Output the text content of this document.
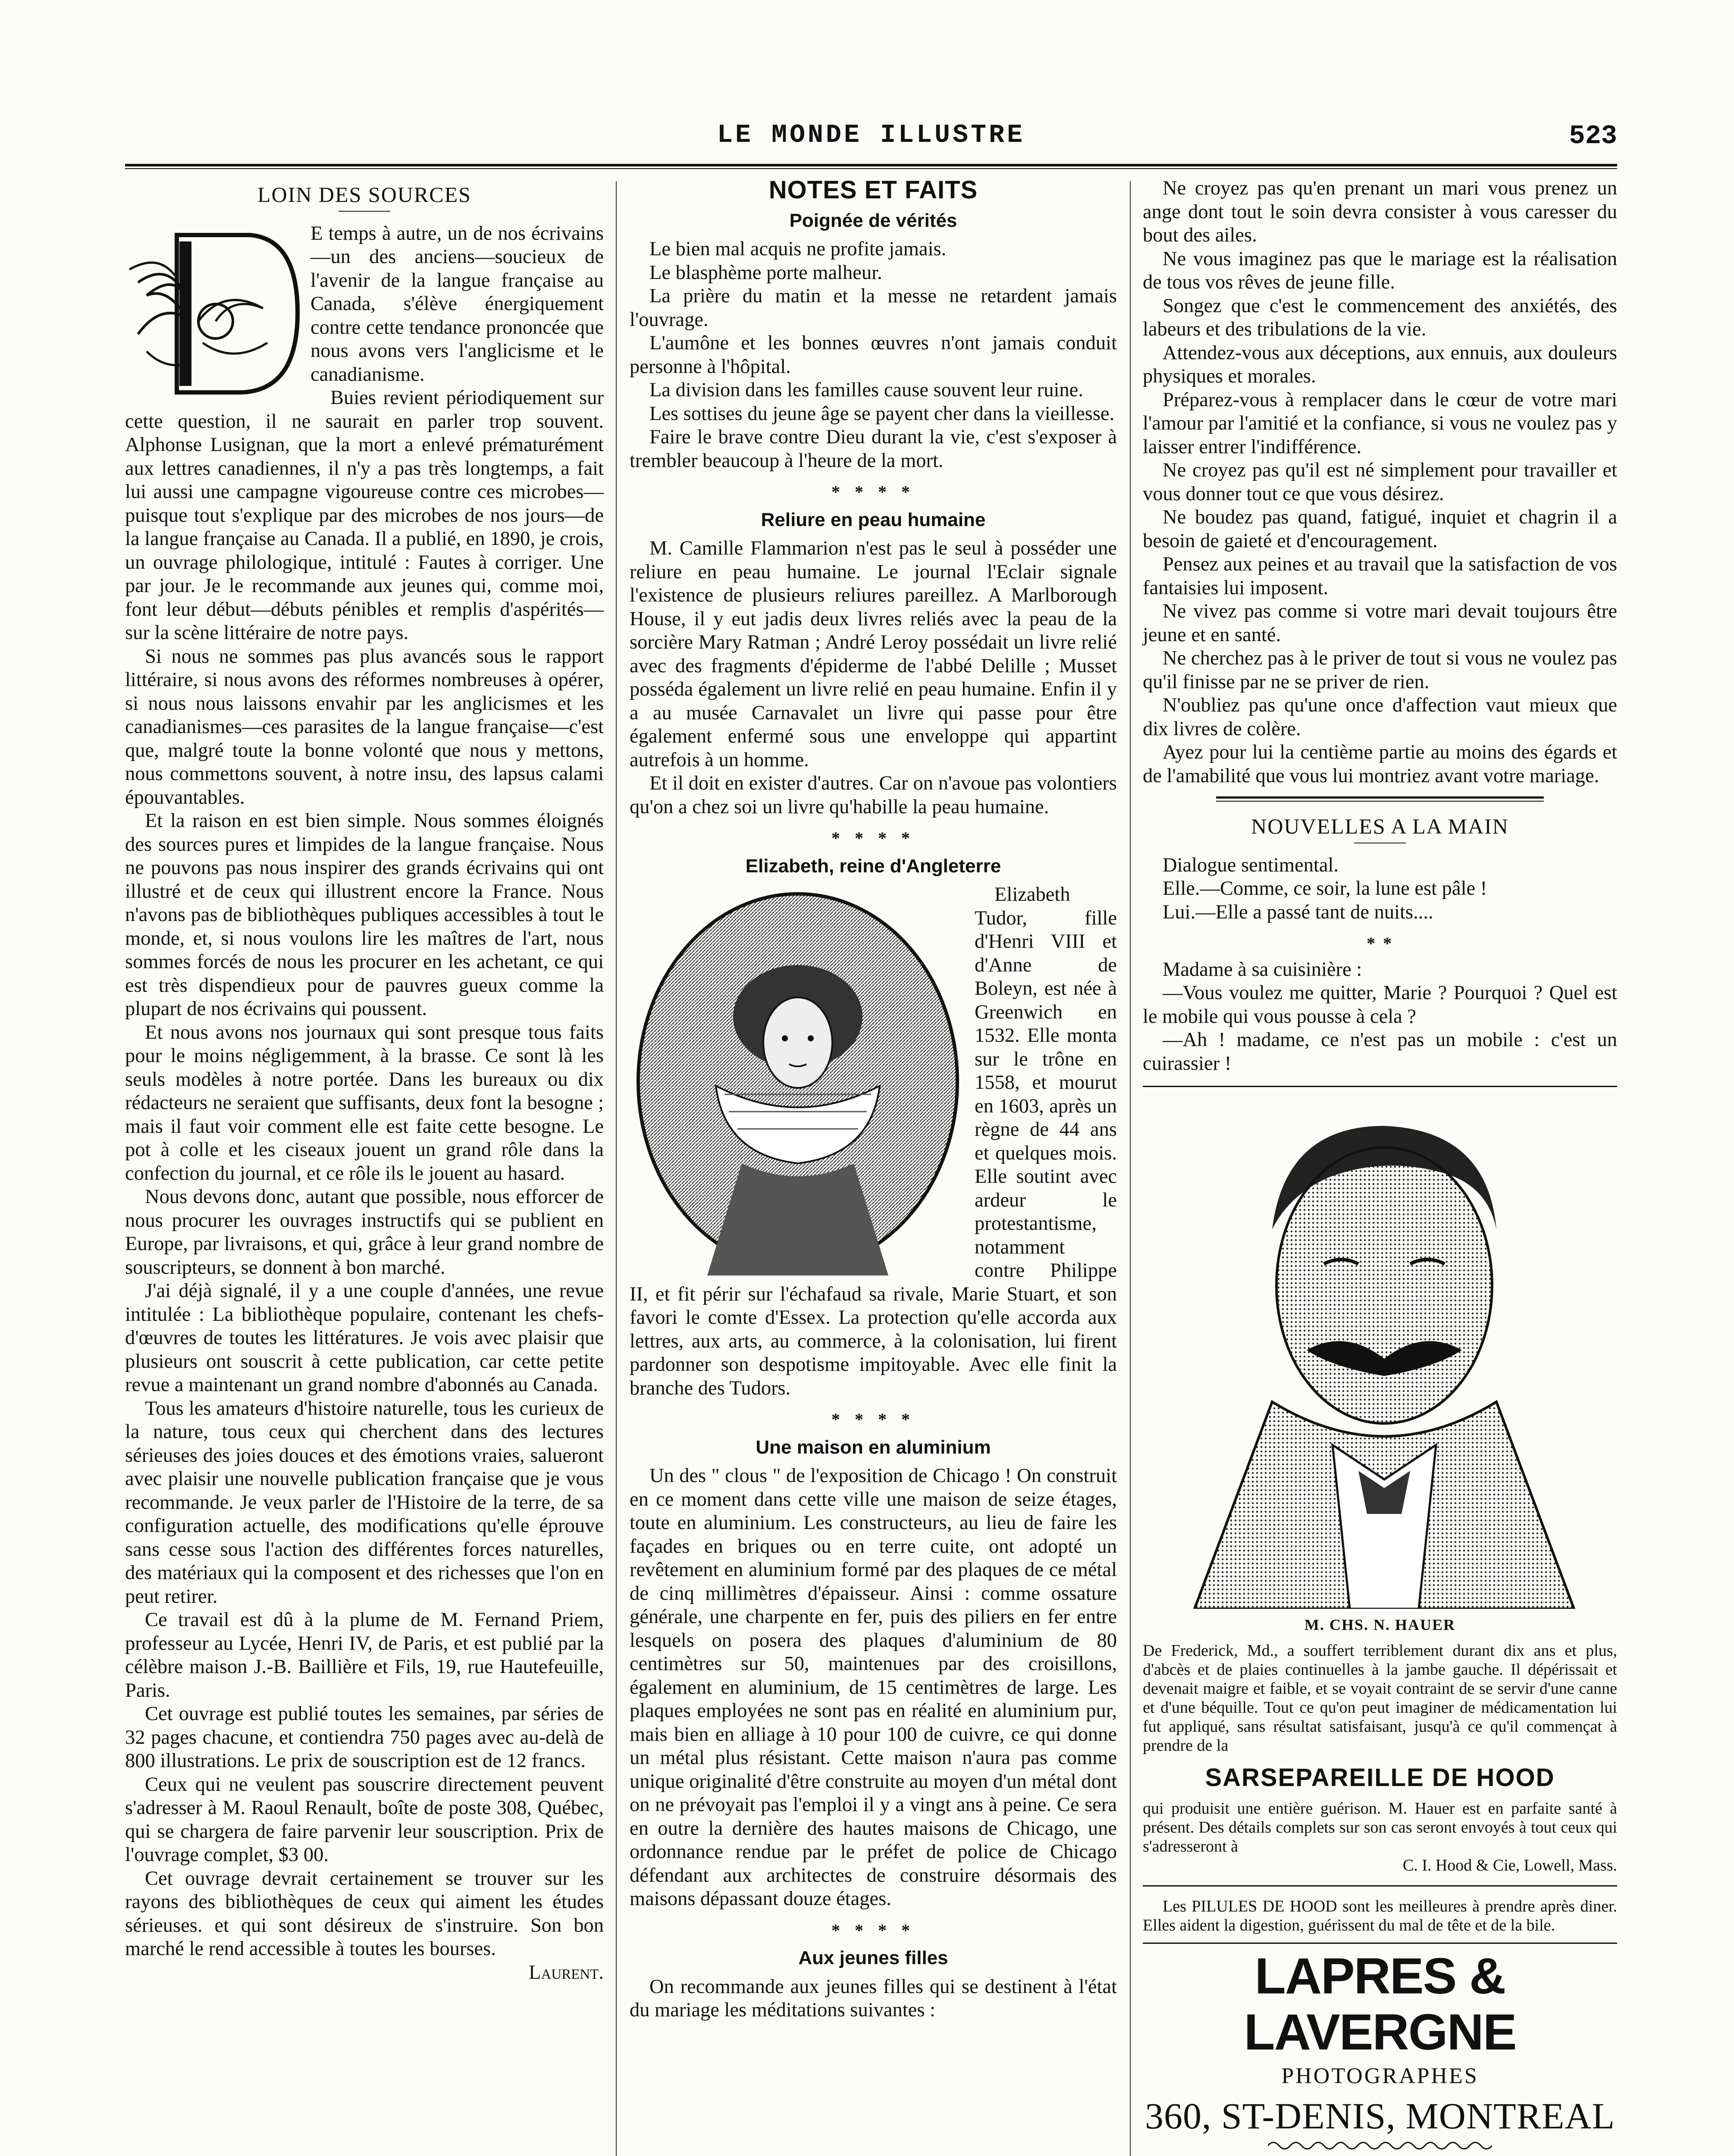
LE MONDE ILLUSTRE	523
LOIN DES SOURCES

E temps à autre, un de nos écrivains—un des anciens—soucieux de l'avenir de la langue française au Canada, s'élève énergiquement contre cette tendance prononcée que nous avons vers l'anglicisme et le canadianisme.

Buies revient périodiquement sur cette question, il ne saurait en parler trop souvent. Alphonse Lusignan, que la mort a enlevé prématurément aux lettres canadiennes, il n'y a pas très longtemps, a fait lui aussi une campagne vigoureuse contre ces microbes—puisque tout s'explique par des microbes de nos jours—de la langue française au Canada. Il a publié, en 1890, je crois, un ouvrage philologique, intitulé : Fautes à corriger. Une par jour. Je le recommande aux jeunes qui, comme moi, font leur début—débuts pénibles et remplis d'aspérités—sur la scène littéraire de notre pays.

Si nous ne sommes pas plus avancés sous le rapport littéraire, si nous avons des réformes nombreuses à opérer, si nous nous laissons envahir par les anglicismes et les canadianismes—ces parasites de la langue française—c'est que, malgré toute la bonne volonté que nous y mettons, nous commettons souvent, à notre insu, des lapsus calami épouvantables.

Et la raison en est bien simple. Nous sommes éloignés des sources pures et limpides de la langue française. Nous ne pouvons pas nous inspirer des grands écrivains qui ont illustré et de ceux qui illustrent encore la France. Nous n'avons pas de bibliothèques publiques accessibles à tout le monde, et, si nous voulons lire les maîtres de l'art, nous sommes forcés de nous les procurer en les achetant, ce qui est très dispendieux pour de pauvres gueux comme la plupart de nos écrivains qui poussent.

Et nous avons nos journaux qui sont presque tous faits pour le moins négligemment, à la brasse. Ce sont là les seuls modèles à notre portée. Dans les bureaux ou dix rédacteurs ne seraient que suffisants, deux font la besogne ; mais il faut voir comment elle est faite cette besogne. Le pot à colle et les ciseaux jouent un grand rôle dans la confection du journal, et ce rôle ils le jouent au hasard.

Nous devons donc, autant que possible, nous efforcer de nous procurer les ouvrages instructifs qui se publient en Europe, par livraisons, et qui, grâce à leur grand nombre de souscripteurs, se donnent à bon marché.

J'ai déjà signalé, il y a une couple d'années, une revue intitulée : La bibliothèque populaire, contenant les chefs-d'œuvres de toutes les littératures. Je vois avec plaisir que plusieurs ont souscrit à cette publication, car cette petite revue a maintenant un grand nombre d'abonnés au Canada.

Tous les amateurs d'histoire naturelle, tous les curieux de la nature, tous ceux qui cherchent dans des lectures sérieuses des joies douces et des émotions vraies, salueront avec plaisir une nouvelle publication française que je vous recommande. Je veux parler de l'Histoire de la terre, de sa configuration actuelle, des modifications qu'elle éprouve sans cesse sous l'action des différentes forces naturelles, des matériaux qui la composent et des richesses que l'on en peut retirer.

Ce travail est dû à la plume de M. Fernand Priem, professeur au Lycée, Henri IV, de Paris, et est publié par la célèbre maison J.-B. Baillière et Fils, 19, rue Hautefeuille, Paris.

Cet ouvrage est publié toutes les semaines, par séries de 32 pages chacune, et contiendra 750 pages avec au-delà de 800 illustrations. Le prix de souscription est de 12 francs.

Ceux qui ne veulent pas souscrire directement peuvent s'adresser à M. Raoul Renault, boîte de poste 308, Québec, qui se chargera de faire parvenir leur souscription. Prix de l'ouvrage complet, $3 00.

Cet ouvrage devrait certainement se trouver sur les rayons des bibliothèques de ceux qui aiment les études sérieuses. et qui sont désireux de s'instruire. Son bon marché le rend accessible à toutes les bourses.

Laurent.
NOTES ET FAITS
Poignée de vérités

Le bien mal acquis ne profite jamais.

Le blasphème porte malheur.

La prière du matin et la messe ne retardent jamais l'ouvrage.

L'aumône et les bonnes œuvres n'ont jamais conduit personne à l'hôpital.

La division dans les familles cause souvent leur ruine.

Les sottises du jeune âge se payent cher dans la vieillesse.

Faire le brave contre Dieu durant la vie, c'est s'exposer à trembler beaucoup à l'heure de la mort.

* * * *
Reliure en peau humaine

M. Camille Flammarion n'est pas le seul à posséder une reliure en peau humaine. Le journal l'Eclair signale l'existence de plusieurs reliures pareillez. A Marlborough House, il y eut jadis deux livres reliés avec la peau de la sorcière Mary Ratman ; André Leroy possédait un livre relié avec des fragments d'épiderme de l'abbé Delille ; Musset posséda également un livre relié en peau humaine. Enfin il y a au musée Carnavalet un livre qui passe pour être également enfermé sous une enveloppe qui appartint autrefois à un homme.

Et il doit en exister d'autres. Car on n'avoue pas volontiers qu'on a chez soi un livre qu'habille la peau humaine.

* * * *
Elizabeth, reine d'Angleterre

Elizabeth Tudor, fille d'Henri VIII et d'Anne de Boleyn, est née à Greenwich en 1532. Elle monta sur le trône en 1558, et mourut en 1603, après un règne de 44 ans et quelques mois. Elle soutint avec ardeur le protestantisme, notamment contre Philippe II, et fit périr sur l'échafaud sa rivale, Marie Stuart, et son favori le comte d'Essex. La protection qu'elle accorda aux lettres, aux arts, au commerce, à la colonisation, lui firent pardonner son despotisme impitoyable. Avec elle finit la branche des Tudors.

* * * *
Une maison en aluminium

Un des " clous " de l'exposition de Chicago ! On construit en ce moment dans cette ville une maison de seize étages, toute en aluminium. Les constructeurs, au lieu de faire les façades en briques ou en terre cuite, ont adopté un revêtement en aluminium formé par des plaques de ce métal de cinq millimètres d'épaisseur. Ainsi : comme ossature générale, une charpente en fer, puis des piliers en fer entre lesquels on posera des plaques d'aluminium de 80 centimètres sur 50, maintenues par des croisillons, également en aluminium, de 15 centimètres de large. Les plaques employées ne sont pas en réalité en aluminium pur, mais bien en alliage à 10 pour 100 de cuivre, ce qui donne un métal plus résistant. Cette maison n'aura pas comme unique originalité d'être construite au moyen d'un métal dont on ne prévoyait pas l'emploi il y a vingt ans à peine. Ce sera en outre la dernière des hautes maisons de Chicago, une ordonnance rendue par le préfet de police de Chicago défendant aux architectes de construire désormais des maisons dépassant douze étages.

* * * *
Aux jeunes filles

On recommande aux jeunes filles qui se destinent à l'état du mariage les méditations suivantes :

Ne croyez pas qu'en prenant un mari vous prenez un ange dont tout le soin devra consister à vous caresser du bout des ailes.

Ne vous imaginez pas que le mariage est la réalisation de tous vos rêves de jeune fille.

Songez que c'est le commencement des anxiétés, des labeurs et des tribulations de la vie.

Attendez-vous aux déceptions, aux ennuis, aux douleurs physiques et morales.

Préparez-vous à remplacer dans le cœur de votre mari l'amour par l'amitié et la confiance, si vous ne voulez pas y laisser entrer l'indifférence.

Ne croyez pas qu'il est né simplement pour travailler et vous donner tout ce que vous désirez.

Ne boudez pas quand, fatigué, inquiet et chagrin il a besoin de gaieté et d'encouragement.

Pensez aux peines et au travail que la satisfaction de vos fantaisies lui imposent.

Ne vivez pas comme si votre mari devait toujours être jeune et en santé.

Ne cherchez pas à le priver de tout si vous ne voulez pas qu'il finisse par ne se priver de rien.

N'oubliez pas qu'une once d'affection vaut mieux que dix livres de colère.

Ayez pour lui la centième partie au moins des égards et de l'amabilité que vous lui montriez avant votre mariage.

NOUVELLES A LA MAIN

Dialogue sentimental.

Elle.—Comme, ce soir, la lune est pâle !

Lui.—Elle a passé tant de nuits....

* *

Madame à sa cuisinière :

—Vous voulez me quitter, Marie ? Pourquoi ? Quel est le mobile qui vous pousse à cela ?

—Ah ! madame, ce n'est pas un mobile : c'est un cuirassier !

M. CHS. N. HAUER

De Frederick, Md., a souffert terriblement durant dix ans et plus, d'abcès et de plaies continuelles à la jambe gauche. Il dépérissait et devenait maigre et faible, et se voyait contraint de se servir d'une canne et d'une béquille. Tout ce qu'on peut imaginer de médicamentation lui fut appliqué, sans résultat satisfaisant, jusqu'à ce qu'il commençat à prendre de la

SARSEPAREILLE DE HOOD

qui produisit une entière guérison. M. Hauer est en parfaite santé à présent. Des détails complets sur son cas seront envoyés à tout ceux qui s'adresseront à

C. I. Hood & Cie, Lowell, Mass.

Les PILULES DE HOOD sont les meilleures à prendre après diner. Elles aident la digestion, guérissent du mal de tête et de la bile.

LAPRES & LAVERGNE
PHOTOGRAPHES
360, ST-DENIS, MONTREAL
